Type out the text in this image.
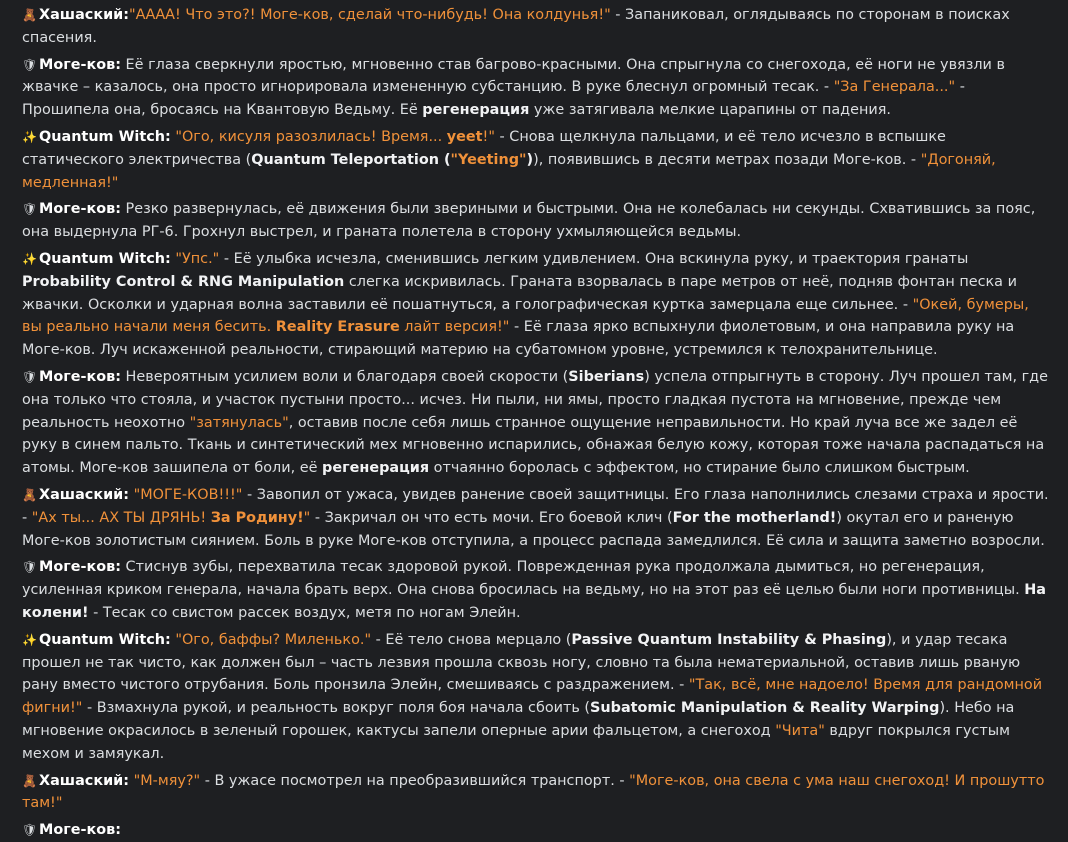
🧸 Хашаский:"АААА! Что это?! Моге-ков, сделай что-нибудь! Она колдунья!" - Запаниковал, оглядываясь по сторонам в поисках спасения.
🛡 Моге-ков: Её глаза сверкнули яростью, мгновенно став багрово-красными. Она спрыгнула со снегохода, её ноги не увязли в жвачке – казалось, она просто игнорировала измененную субстанцию. В руке блеснул огромный тесак. - "За Генерала..." - Прошипела она, бросаясь на Квантовую Ведьму. Её регенерация уже затягивала мелкие царапины от падения.
✨ Quantum Witch: "Ого, кисуля разозлилась! Время... yeet!" - Снова щелкнула пальцами, и её тело исчезло в вспышке статического электричества (Quantum Teleportation ("Yeeting")), появившись в десяти метрах позади Моге-ков. - "Догоняй, медленная!"
🛡 Моге-ков: Резко развернулась, её движения были звериными и быстрыми. Она не колебалась ни секунды. Схватившись за пояс, она выдернула РГ-6. Грохнул выстрел, и граната полетела в сторону ухмыляющейся ведьмы.
✨ Quantum Witch: "Упс." - Её улыбка исчезла, сменившись легким удивлением. Она вскинула руку, и траектория гранаты Probability Control & RNG Manipulation слегка искривилась. Граната взорвалась в паре метров от неё, подняв фонтан песка и жвачки. Осколки и ударная волна заставили её пошатнуться, а голографическая куртка замерцала еще сильнее. - "Окей, бумеры, вы реально начали меня бесить. Reality Erasure лайт версия!" - Её глаза ярко вспыхнули фиолетовым, и она направила руку на Моге-ков. Луч искаженной реальности, стирающий материю на субатомном уровне, устремился к телохранительнице.
🛡 Моге-ков: Невероятным усилием воли и благодаря своей скорости (Siberians) успела отпрыгнуть в сторону. Луч прошел там, где она только что стояла, и участок пустыни просто... исчез. Ни пыли, ни ямы, просто гладкая пустота на мгновение, прежде чем реальность неохотно "затянулась", оставив после себя лишь странное ощущение неправильности. Но край луча все же задел её руку в синем пальто. Ткань и синтетический мех мгновенно испарились, обнажая белую кожу, которая тоже начала распадаться на атомы. Моге-ков зашипела от боли, её регенерация отчаянно боролась с эффектом, но стирание было слишком быстрым.
🧸 Хашаский: "МОГЕ-КОВ!!!" - Завопил от ужаса, увидев ранение своей защитницы. Его глаза наполнились слезами страха и ярости. - "Ах ты... АХ ТЫ ДРЯНЬ! За Родину!" - Закричал он что есть мочи. Его боевой клич (For the motherland!) окутал его и раненую Моге-ков золотистым сиянием. Боль в руке Моге-ков отступила, а процесс распада замедлился. Её сила и защита заметно возросли.
🛡 Моге-ков: Стиснув зубы, перехватила тесак здоровой рукой. Поврежденная рука продолжала дымиться, но регенерация, усиленная криком генерала, начала брать верх. Она снова бросилась на ведьму, но на этот раз её целью были ноги противницы. На колени! - Тесак со свистом рассек воздух, метя по ногам Элейн.
✨ Quantum Witch: "Ого, баффы? Миленько." - Её тело снова мерцало (Passive Quantum Instability & Phasing), и удар тесака прошел не так чисто, как должен был – часть лезвия прошла сквозь ногу, словно та была нематериальной, оставив лишь рваную рану вместо чистого отрубания. Боль пронзила Элейн, смешиваясь с раздражением. - "Так, всё, мне надоело! Время для рандомной фигни!" - Взмахнула рукой, и реальность вокруг поля боя начала сбоить (Subatomic Manipulation & Reality Warping). Небо на мгновение окрасилось в зеленый горошек, кактусы запели оперные арии фальцетом, а снегоход "Чита" вдруг покрылся густым мехом и замяукал.
🧸 Хашаский: "М-мяу?" - В ужасе посмотрел на преобразившийся транспорт. - "Моге-ков, она свела с ума наш снегоход! И прошутто там!"
🛡 Моге-ков:
